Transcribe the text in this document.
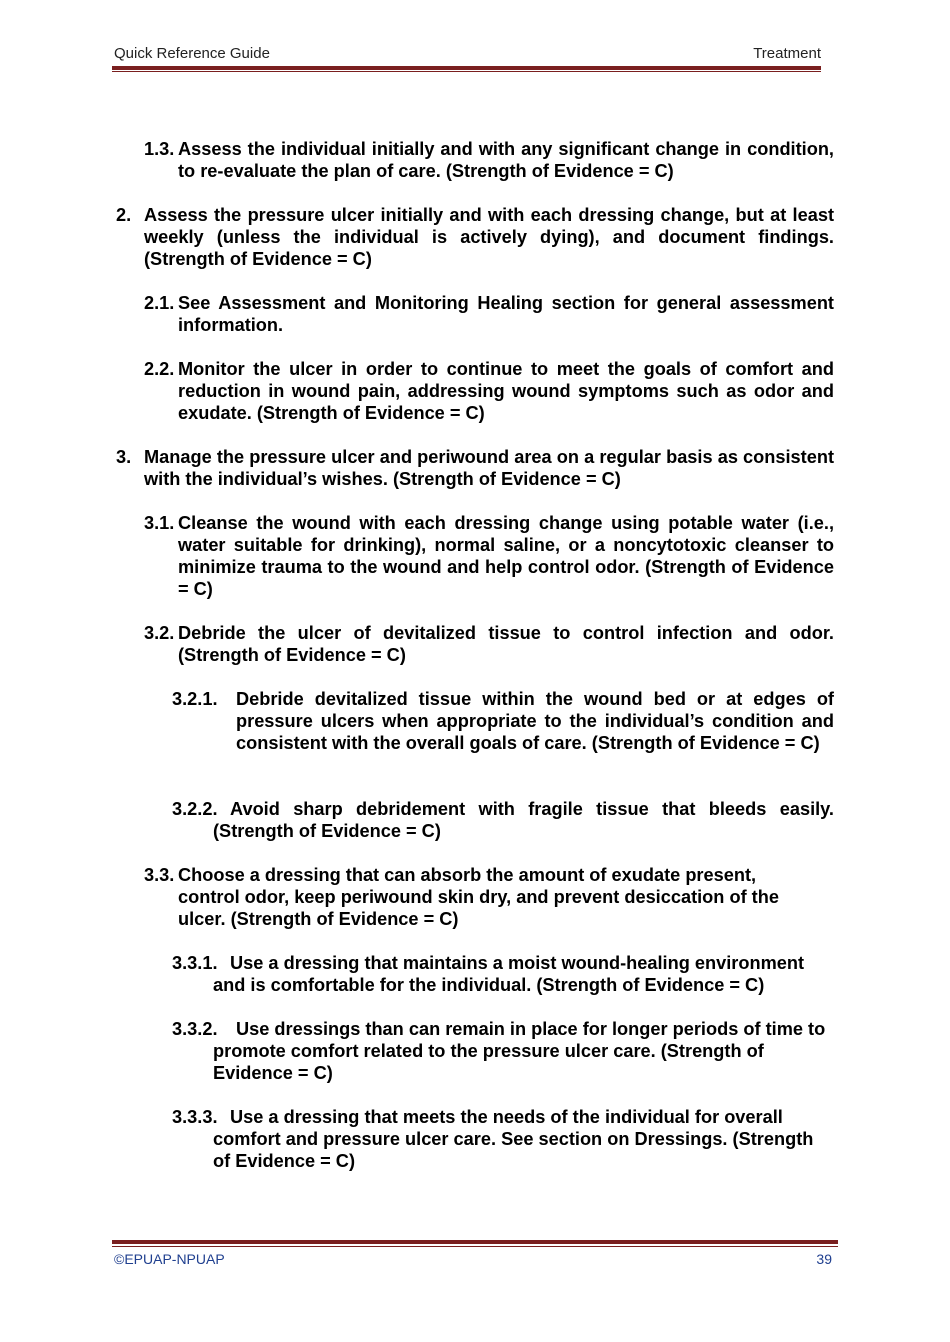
Quick Reference Guide	Treatment
1.3. Assess the individual initially and with any significant change in condition, to re-evaluate the plan of care. (Strength of Evidence = C)
2. Assess the pressure ulcer initially and with each dressing change, but at least weekly (unless the individual is actively dying), and document findings. (Strength of Evidence = C)
2.1. See Assessment and Monitoring Healing section for general assessment information.
2.2. Monitor the ulcer in order to continue to meet the goals of comfort and reduction in wound pain, addressing wound symptoms such as odor and exudate. (Strength of Evidence = C)
3. Manage the pressure ulcer and periwound area on a regular basis as consistent with the individual’s wishes. (Strength of Evidence = C)
3.1. Cleanse the wound with each dressing change using potable water (i.e., water suitable for drinking), normal saline, or a noncytotoxic cleanser to minimize trauma to the wound and help control odor. (Strength of Evidence = C)
3.2. Debride the ulcer of devitalized tissue to control infection and odor. (Strength of Evidence = C)
3.2.1. Debride devitalized tissue within the wound bed or at edges of pressure ulcers when appropriate to the individual’s condition and consistent with the overall goals of care. (Strength of Evidence = C)
3.2.2. Avoid sharp debridement with fragile tissue that bleeds easily. (Strength of Evidence = C)
3.3. Choose a dressing that can absorb the amount of exudate present, control odor, keep periwound skin dry, and prevent desiccation of the ulcer. (Strength of Evidence = C)
3.3.1. Use a dressing that maintains a moist wound-healing environment and is comfortable for the individual. (Strength of Evidence = C)
3.3.2.	Use dressings than can remain in place for longer periods of time to promote comfort related to the pressure ulcer care. (Strength of Evidence = C)
3.3.3. Use a dressing that meets the needs of the individual for overall comfort and pressure ulcer care. See section on Dressings. (Strength of Evidence = C)
©EPUAP-NPUAP	39
